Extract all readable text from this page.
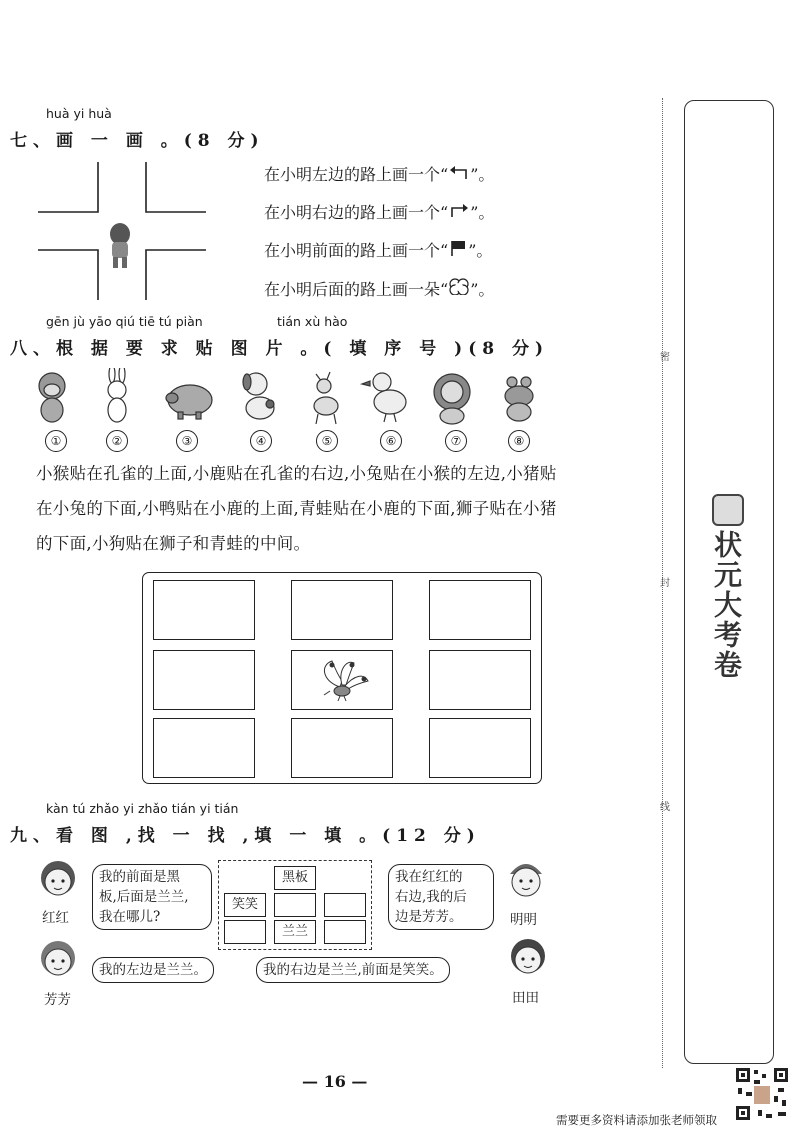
huà yi huà
七、画 一 画 。(8 分)
在小明左边的路上画一个“ ”。
在小明右边的路上画一个“ ”。
在小明前面的路上画一个“ ”。
在小明后面的路上画一朵“ ”。
gēn jù yāo qiú tiē tú piàn	tián xù hào
八、根 据 要 求 贴 图 片 。( 填 序 号 )(8 分)
①	②	③	④	⑤	⑥	⑦	⑧
小猴贴在孔雀的上面,小鹿贴在孔雀的右边,小兔贴在小猴的左边,小猪贴
在小兔的下面,小鸭贴在小鹿的上面,青蛙贴在小鹿的下面,狮子贴在小猪
的下面,小狗贴在狮子和青蛙的中间。
kàn tú zhǎo yi zhǎo tián yi tián
九、看 图 ,找 一 找 ,填 一 填 。(12 分)
红红
芳芳
明明
田田
我的前面是黑
板,后面是兰兰,
我在哪儿?
我在红红的
右边,我的后
边是芳芳。
我的左边是兰兰。	我的右边是兰兰,前面是笑笑。
黑板
笑笑
兰兰
密
封
线
状元大考卷
— 16 —
需要更多资料请添加张老师领取
